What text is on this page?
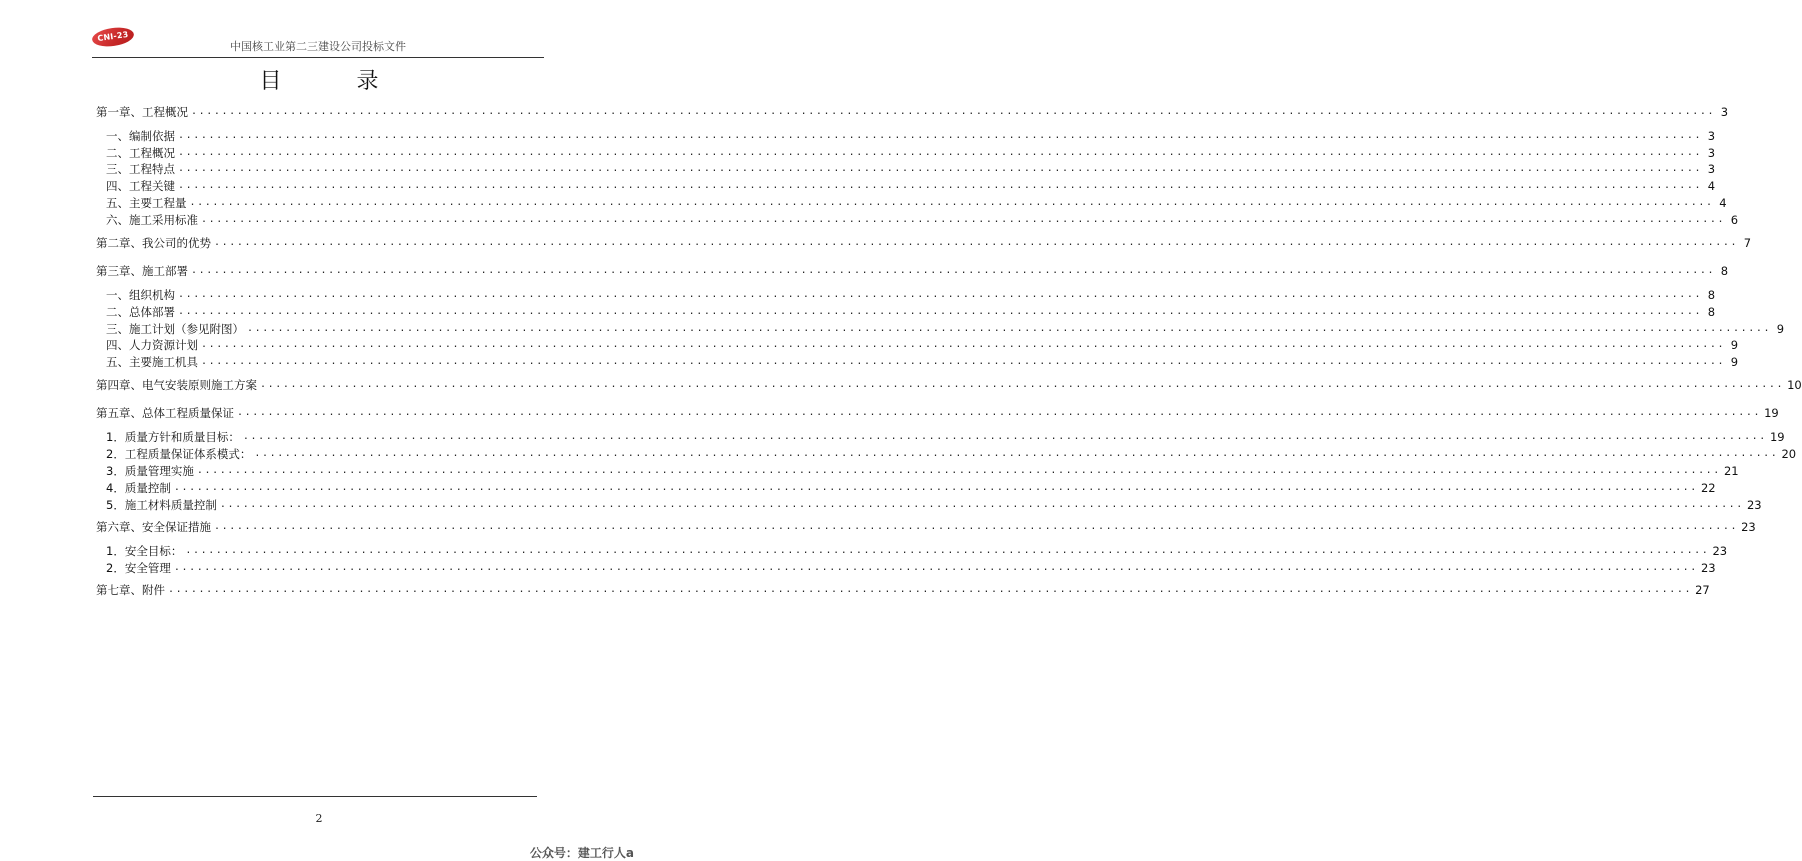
CNI-23
中国核工业第二三建设公司投标文件
目 录
第一章、工程概况 ........................................................................................................................................................................................................ 3
一、编制依据 ........................................................................................................................................................................................................ 3
二、工程概况 ........................................................................................................................................................................................................ 3
三、工程特点 ........................................................................................................................................................................................................ 3
四、工程关键 ........................................................................................................................................................................................................ 4
五、主要工程量 ........................................................................................................................................................................................................ 4
六、施工采用标准 ........................................................................................................................................................................................................ 6
第二章、我公司的优势 ........................................................................................................................................................................................................ 7
第三章、施工部署 ........................................................................................................................................................................................................ 8
一、组织机构 ........................................................................................................................................................................................................ 8
二、总体部署 ........................................................................................................................................................................................................ 8
三、施工计划（参见附图） ........................................................................................................................................................................................................ 9
四、人力资源计划 ........................................................................................................................................................................................................ 9
五、主要施工机具 ........................................................................................................................................................................................................ 9
第四章、电气安装原则施工方案 ........................................................................................................................................................................................................ 10
第五章、总体工程质量保证 ........................................................................................................................................................................................................ 19
1．质量方针和质量目标： ........................................................................................................................................................................................................ 19
2．工程质量保证体系模式： ........................................................................................................................................................................................................ 20
3．质量管理实施 ........................................................................................................................................................................................................ 21
4．质量控制 ........................................................................................................................................................................................................ 22
5．施工材料质量控制 ........................................................................................................................................................................................................ 23
第六章、安全保证措施 ........................................................................................................................................................................................................ 23
1．安全目标： ........................................................................................................................................................................................................ 23
2．安全管理 ........................................................................................................................................................................................................ 23
第七章、附件 ........................................................................................................................................................................................................ 27
2
公众号：建工行人a
